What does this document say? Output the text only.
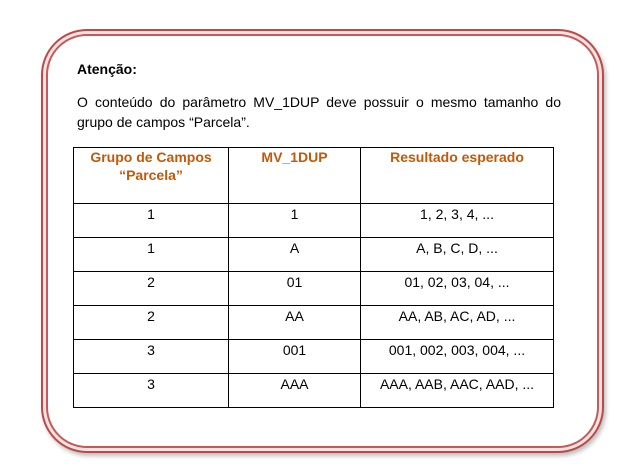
Atenção:

O conteúdo do parâmetro MV_1DUP deve possuir o mesmo tamanho do grupo de campos “Parcela”.

Grupo de Campos “Parcela”	MV_1DUP	Resultado esperado
1	1	1, 2, 3, 4, ...
1	A	A, B, C, D, ...
2	01	01, 02, 03, 04, ...
2	AA	AA, AB, AC, AD, ...
3	001	001, 002, 003, 004, ...
3	AAA	AAA, AAB, AAC, AAD, ...
